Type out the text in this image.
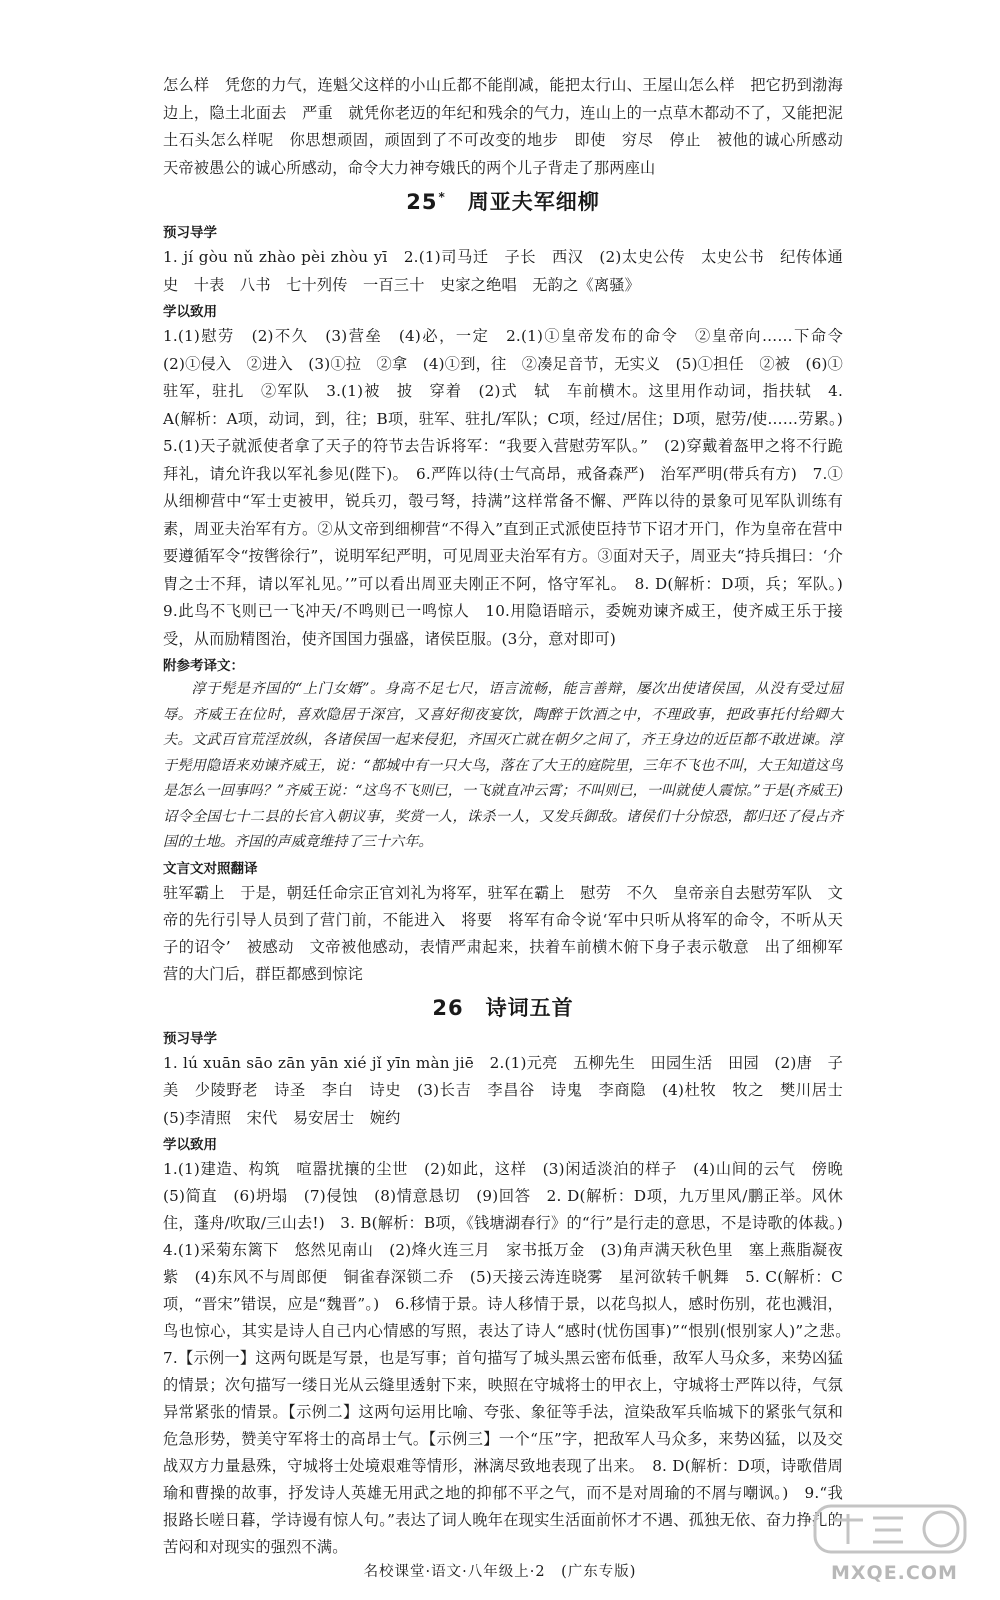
怎么样　凭您的力气，连魁父这样的小山丘都不能削减，能把太行山、王屋山怎么样　把它扔到渤海边上，隐土北面去　严重　就凭你老迈的年纪和残余的气力，连山上的一点草木都动不了，又能把泥土石头怎么样呢　你思想顽固，顽固到了不可改变的地步　即使　穷尽　停止　被他的诚心所感动　天帝被愚公的诚心所感动，命令大力神夸娥氏的两个儿子背走了那两座山

25* 周亚夫军细柳
预习导学

1. jí gòu nǔ zhào pèi zhòu yī　2.(1)司马迁　子长　西汉　(2)太史公传　太史公书　纪传体通史　十表　八书　七十列传　一百三十　史家之绝唱　无韵之《离骚》

学以致用

1.(1)慰劳　(2)不久　(3)营垒　(4)必，一定　2.(1)①皇帝发布的命令　②皇帝向……下命令　(2)①侵入　②进入　(3)①拉　②拿　(4)①到，往　②凑足音节，无实义　(5)①担任　②被　(6)①驻军，驻扎　②军队　3.(1)被　披　穿着　(2)式　轼　车前横木。这里用作动词，指扶轼　4. A(解析：A项，动词，到，往；B项，驻军、驻扎/军队；C项，经过/居住；D项，慰劳/使……劳累。)　5.(1)天子就派使者拿了天子的符节去告诉将军：“我要入营慰劳军队。”　(2)穿戴着盔甲之将不行跪拜礼，请允许我以军礼参见(陛下)。　6.严阵以待(士气高昂，戒备森严)　治军严明(带兵有方)　7.①从细柳营中“军士吏被甲，锐兵刃，彀弓弩，持满”这样常备不懈、严阵以待的景象可见军队训练有素，周亚夫治军有方。②从文帝到细柳营“不得入”直到正式派使臣持节下诏才开门，作为皇帝在营中要遵循军令“按辔徐行”，说明军纪严明，可见周亚夫治军有方。③面对天子，周亚夫“持兵揖曰：‘介胄之士不拜，请以军礼见。’”可以看出周亚夫刚正不阿，恪守军礼。　8. D(解析：D项，兵；军队。)　9.此鸟不飞则已一飞冲天/不鸣则已一鸣惊人　10.用隐语暗示，委婉劝谏齐威王，使齐威王乐于接受，从而励精图治，使齐国国力强盛，诸侯臣服。(3分，意对即可)

附参考译文：

淳于髡是齐国的“上门女婿”。身高不足七尺，语言流畅，能言善辩，屡次出使诸侯国，从没有受过屈辱。齐威王在位时，喜欢隐居于深宫，又喜好彻夜宴饮，陶醉于饮酒之中，不理政事，把政事托付给卿大夫。文武百官荒淫放纵，各诸侯国一起来侵犯，齐国灭亡就在朝夕之间了，齐王身边的近臣都不敢进谏。淳于髡用隐语来劝谏齐威王，说：“都城中有一只大鸟，落在了大王的庭院里，三年不飞也不叫，大王知道这鸟是怎么一回事吗？”齐威王说：“这鸟不飞则已，一飞就直冲云霄；不叫则已，一叫就使人震惊。”于是(齐威王)诏令全国七十二县的长官入朝议事，奖赏一人，诛杀一人，又发兵御敌。诸侯们十分惊恐，都归还了侵占齐国的土地。齐国的声威竟维持了三十六年。

文言文对照翻译

驻军霸上　于是，朝廷任命宗正官刘礼为将军，驻军在霸上　慰劳　不久　皇帝亲自去慰劳军队　文帝的先行引导人员到了营门前，不能进入　将要　将军有命令说‘军中只听从将军的命令，不听从天子的诏令’　被感动　文帝被他感动，表情严肃起来，扶着车前横木俯下身子表示敬意　出了细柳军营的大门后，群臣都感到惊诧

26 诗词五首
预习导学

1. lú xuān sāo zān yān xié jǐ yīn màn jiē　2.(1)元亮　五柳先生　田园生活　田园　(2)唐　子美　少陵野老　诗圣　李白　诗史　(3)长吉　李昌谷　诗鬼　李商隐　(4)杜牧　牧之　樊川居士　(5)李清照　宋代　易安居士　婉约

学以致用

1.(1)建造、构筑　喧嚣扰攘的尘世　(2)如此，这样　(3)闲适淡泊的样子　(4)山间的云气　傍晚　(5)简直　(6)坍塌　(7)侵蚀　(8)情意恳切　(9)回答　2. D(解析：D项，九万里风/鹏正举。风休住，蓬舟/吹取/三山去!)　3. B(解析：B项，《钱塘湖春行》的“行”是行走的意思，不是诗歌的体裁。)　4.(1)采菊东篱下　悠然见南山　(2)烽火连三月　家书抵万金　(3)角声满天秋色里　塞上燕脂凝夜紫　(4)东风不与周郎便　铜雀春深锁二乔　(5)天接云涛连晓雾　星河欲转千帆舞　5. C(解析：C项，“晋宋”错误，应是“魏晋”。)　6.移情于景。诗人移情于景，以花鸟拟人，感时伤别，花也溅泪，鸟也惊心，其实是诗人自己内心情感的写照，表达了诗人“感时(忧伤国事)”“恨别(恨别家人)”之悲。　7.【示例一】这两句既是写景，也是写事；首句描写了城头黑云密布低垂，敌军人马众多，来势凶猛的情景；次句描写一缕日光从云缝里透射下来，映照在守城将士的甲衣上，守城将士严阵以待，气氛异常紧张的情景。【示例二】这两句运用比喻、夸张、象征等手法，渲染敌军兵临城下的紧张气氛和危急形势，赞美守军将士的高昂士气。【示例三】一个“压”字，把敌军人马众多，来势凶猛，以及交战双方力量悬殊，守城将士处境艰难等情形，淋漓尽致地表现了出来。　8. D(解析：D项，诗歌借周瑜和曹操的故事，抒发诗人英雄无用武之地的抑郁不平之气，而不是对周瑜的不屑与嘲讽。)　9.“我报路长嗟日暮，学诗谩有惊人句。”表达了词人晚年在现实生活面前怀才不遇、孤独无依、奋力挣扎的苦闷和对现实的强烈不满。

名校课堂·语文·八年级上·2　(广东专版)	MXQE.COM
